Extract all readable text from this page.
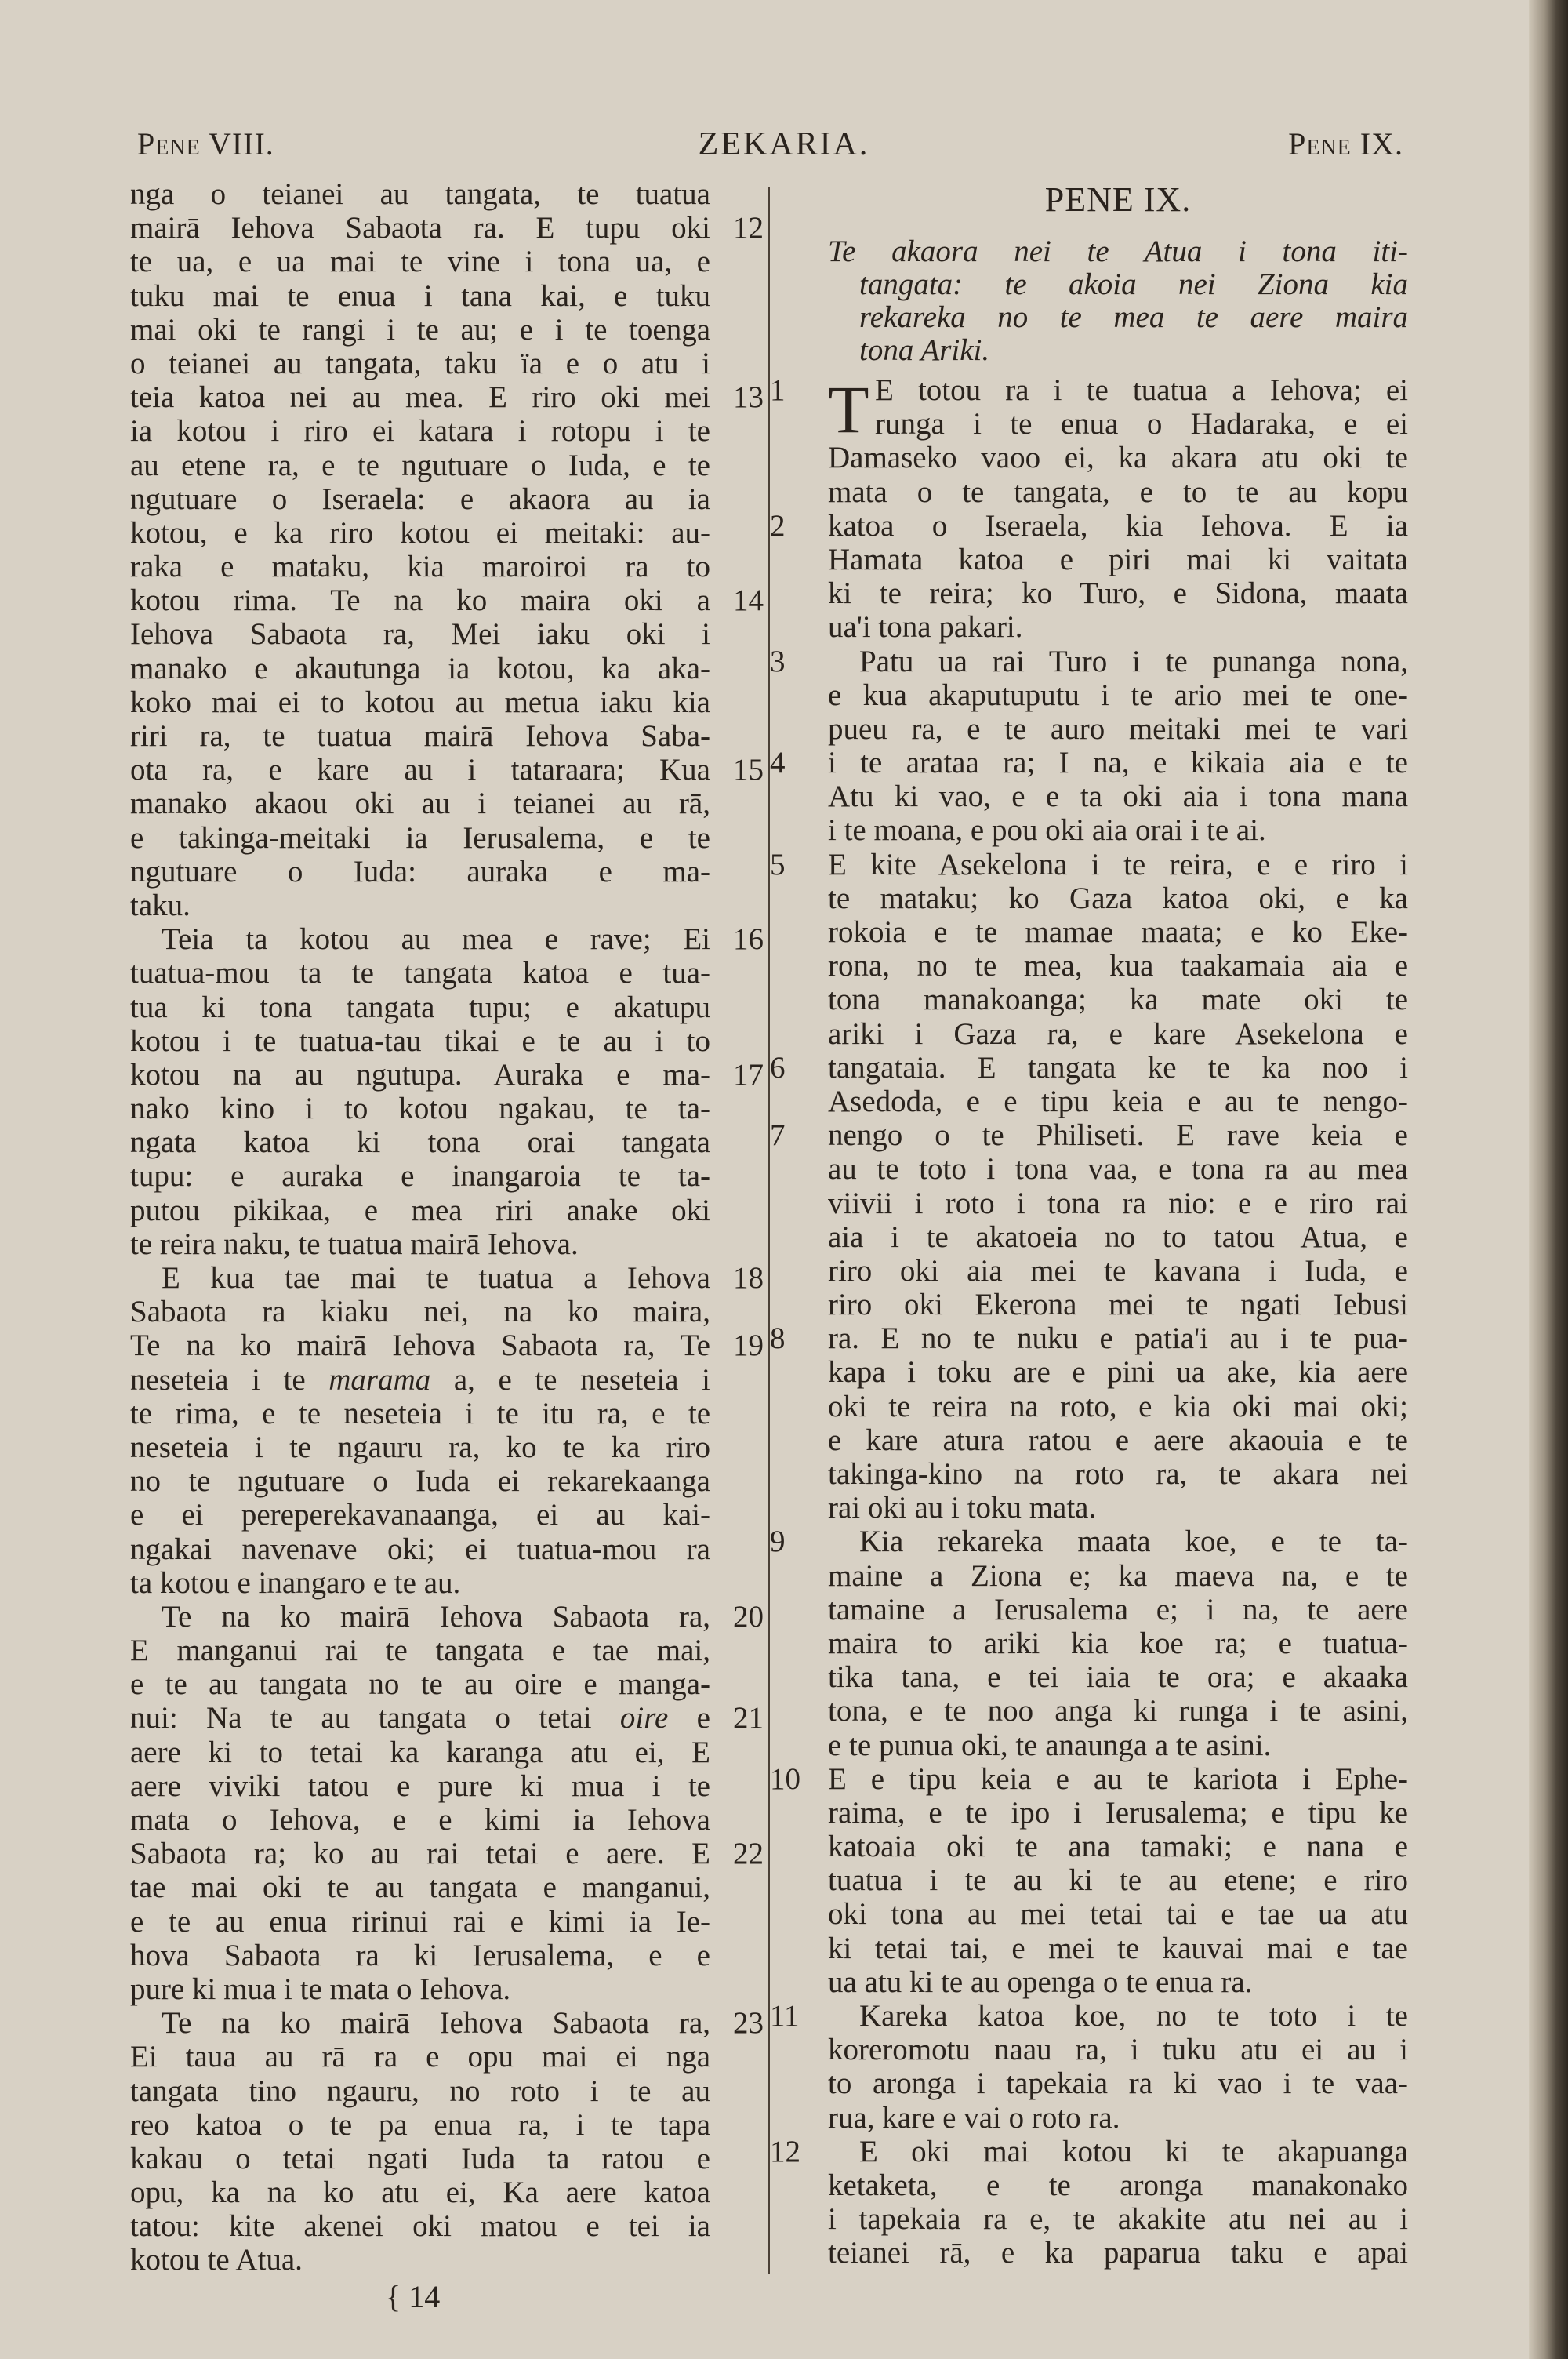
Pene VIII.	ZEKARIA.	Pene IX.
nga o teianei au tangata, te tuatua
mairā Iehova Sabaota ra. E tupu oki 12
te ua, e ua mai te vine i tona ua, e
tuku mai te enua i tana kai, e tuku
mai oki te rangi i te au; e i te toenga
o teianei au tangata, taku ïa e o atu i
teia katoa nei au mea. E riro oki mei 13
ia kotou i riro ei katara i rotopu i te
au etene ra, e te ngutuare o Iuda, e te
ngutuare o Iseraela: e akaora au ia
kotou, e ka riro kotou ei meitaki: au-
raka e mataku, kia maroiroi ra to
kotou rima. Te na ko maira oki a 14
Iehova Sabaota ra, Mei iaku oki i
manako e akautunga ia kotou, ka aka-
koko mai ei to kotou au metua iaku kia
riri ra, te tuatua mairā Iehova Saba-
ota ra, e kare au i tataraara; Kua 15
manako akaou oki au i teianei au rā,
e takinga-meitaki ia Ierusalema, e te
ngutuare o Iuda: auraka e ma-
taku.
Teia ta kotou au mea e rave; Ei 16
tuatua-mou ta te tangata katoa e tua-
tua ki tona tangata tupu; e akatupu
kotou i te tuatua-tau tikai e te au i to
kotou na au ngutupa. Auraka e ma- 17
nako kino i to kotou ngakau, te ta-
ngata katoa ki tona orai tangata
tupu: e auraka e inangaroia te ta-
putou pikikaa, e mea riri anake oki
te reira naku, te tuatua mairā Iehova.
E kua tae mai te tuatua a Iehova 18
Sabaota ra kiaku nei, na ko maira,
Te na ko mairā Iehova Sabaota ra, Te 19
neseteia i te marama a, e te neseteia i
te rima, e te neseteia i te itu ra, e te
neseteia i te ngauru ra, ko te ka riro
no te ngutuare o Iuda ei rekarekaanga
e ei pereperekavanaanga, ei au kai-
ngakai navenave oki; ei tuatua-mou ra
ta kotou e inangaro e te au.
Te na ko mairā Iehova Sabaota ra, 20
E manganui rai te tangata e tae mai,
e te au tangata no te au oire e manga-
nui: Na te au tangata o tetai oire e 21
aere ki to tetai ka karanga atu ei, E
aere viviki tatou e pure ki mua i te
mata o Iehova, e e kimi ia Iehova
Sabaota ra; ko au rai tetai e aere. E 22
tae mai oki te au tangata e manganui,
e te au enua ririnui rai e kimi ia Ie-
hova Sabaota ra ki Ierusalema, e e
pure ki mua i te mata o Iehova.
Te na ko mairā Iehova Sabaota ra, 23
Ei taua au rā ra e opu mai ei nga
tangata tino ngauru, no roto i te au
reo katoa o te pa enua ra, i te tapa
kakau o tetai ngati Iuda ta ratou e
opu, ka na ko atu ei, Ka aere katoa
tatou: kite akenei oki matou e tei ia
kotou te Atua.
PENE IX.
Te akaora nei te Atua i tona iti-
tangata: te akoia nei Ziona kia
rekareka no te mea te aere maira
tona Ariki.
T E totou ra i te tuatua a Iehova; ei
1
runga i te enua o Hadaraka, e ei
Damaseko vaoo ei, ka akara atu oki te
mata o te tangata, e to te au kopu
katoa o Iseraela, kia Iehova. E ia
2
Hamata katoa e piri mai ki vaitata
ki te reira; ko Turo, e Sidona, maata
ua'i tona pakari.
Patu ua rai Turo i te punanga nona,
3
e kua akaputuputu i te ario mei te one-
pueu ra, e te auro meitaki mei te vari
i te arataa ra; I na, e kikaia aia e te
4
Atu ki vao, e e ta oki aia i tona mana
i te moana, e pou oki aia orai i te ai.
E kite Asekelona i te reira, e e riro i
5
te mataku; ko Gaza katoa oki, e ka
rokoia e te mamae maata; e ko Eke-
rona, no te mea, kua taakamaia aia e
tona manakoanga; ka mate oki te
ariki i Gaza ra, e kare Asekelona e
tangataia. E tangata ke te ka noo i
6
Asedoda, e e tipu keia e au te nengo-
nengo o te Philiseti. E rave keia e
7
au te toto i tona vaa, e tona ra au mea
viivii i roto i tona ra nio: e e riro rai
aia i te akatoeia no to tatou Atua, e
riro oki aia mei te kavana i Iuda, e
riro oki Ekerona mei te ngati Iebusi
ra. E no te nuku e patia'i au i te pua-
8
kapa i toku are e pini ua ake, kia aere
oki te reira na roto, e kia oki mai oki;
e kare atura ratou e aere akaouia e te
takinga-kino na roto ra, te akara nei
rai oki au i toku mata.
Kia rekareka maata koe, e te ta-
9
maine a Ziona e; ka maeva na, e te
tamaine a Ierusalema e; i na, te aere
maira to ariki kia koe ra; e tuatua-
tika tana, e tei iaia te ora; e akaaka
tona, e te noo anga ki runga i te asini,
e te punua oki, te anaunga a te asini.
E e tipu keia e au te kariota i Ephe-
10
raima, e te ipo i Ierusalema; e tipu ke
katoaia oki te ana tamaki; e nana e
tuatua i te au ki te au etene; e riro
oki tona au mei tetai tai e tae ua atu
ki tetai tai, e mei te kauvai mai e tae
ua atu ki te au openga o te enua ra.
Kareka katoa koe, no te toto i te
11
koreromotu naau ra, i tuku atu ei au i
to aronga i tapekaia ra ki vao i te vaa-
rua, kare e vai o roto ra.
E oki mai kotou ki te akapuanga
12
ketaketa, e te aronga manakonako
i tapekaia ra e, te akakite atu nei au i
teianei rā, e ka paparua taku e apai
{ 14
